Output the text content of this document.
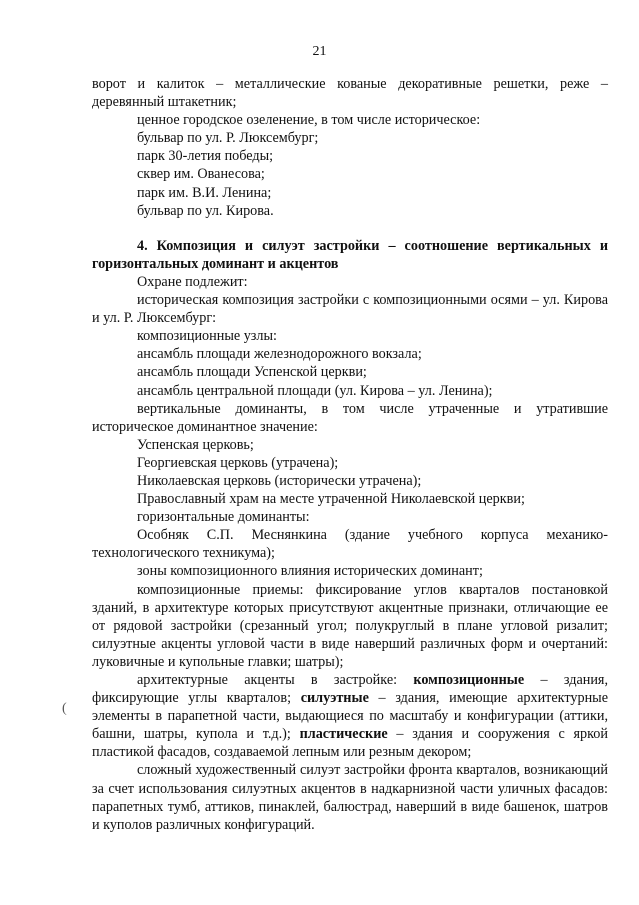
21
(

ворот и калиток – металлические кованые декоративные решетки, реже – деревянный штакетник;

ценное городское озеленение, в том числе историческое:

бульвар по ул. Р. Люксембург;

парк 30-летия победы;

сквер им. Ованесова;

парк им. В.И. Ленина;

бульвар по ул. Кирова.

4. Композиция и силуэт застройки – соотношение вертикальных и горизонтальных доминант и акцентов

Охране подлежит:

историческая композиция застройки с композиционными осями – ул. Кирова и ул. Р. Люксембург:

композиционные узлы:

ансамбль площади железнодорожного вокзала;

ансамбль площади Успенской церкви;

ансамбль центральной площади (ул. Кирова – ул. Ленина);

вертикальные доминанты, в том числе утраченные и утратившие историческое доминантное значение:

Успенская церковь;

Георгиевская церковь (утрачена);

Николаевская церковь (исторически утрачена);

Православный храм на месте утраченной Николаевской церкви;

горизонтальные доминанты:

Особняк С.П. Меснянкина (здание учебного корпуса механико-технологического техникума);

зоны композиционного влияния исторических доминант;

композиционные приемы: фиксирование углов кварталов постановкой зданий, в архитектуре которых присутствуют акцентные признаки, отличающие ее от рядовой застройки (срезанный угол; полукруглый в плане угловой ризалит; силуэтные акценты угловой части в виде наверший различных форм и очертаний: луковичные и купольные главки; шатры);

архитектурные акценты в застройке: композиционные – здания, фиксирующие углы кварталов; силуэтные – здания, имеющие архитектурные элементы в парапетной части, выдающиеся по масштабу и конфигурации (аттики, башни, шатры, купола и т.д.); пластические – здания и сооружения с яркой пластикой фасадов, создаваемой лепным или резным декором;

сложный художественный силуэт застройки фронта кварталов, возникающий за счет использования силуэтных акцентов в надкарнизной части уличных фасадов: парапетных тумб, аттиков, пинаклей, балюстрад, наверший в виде башенок, шатров и куполов различных конфигураций.
